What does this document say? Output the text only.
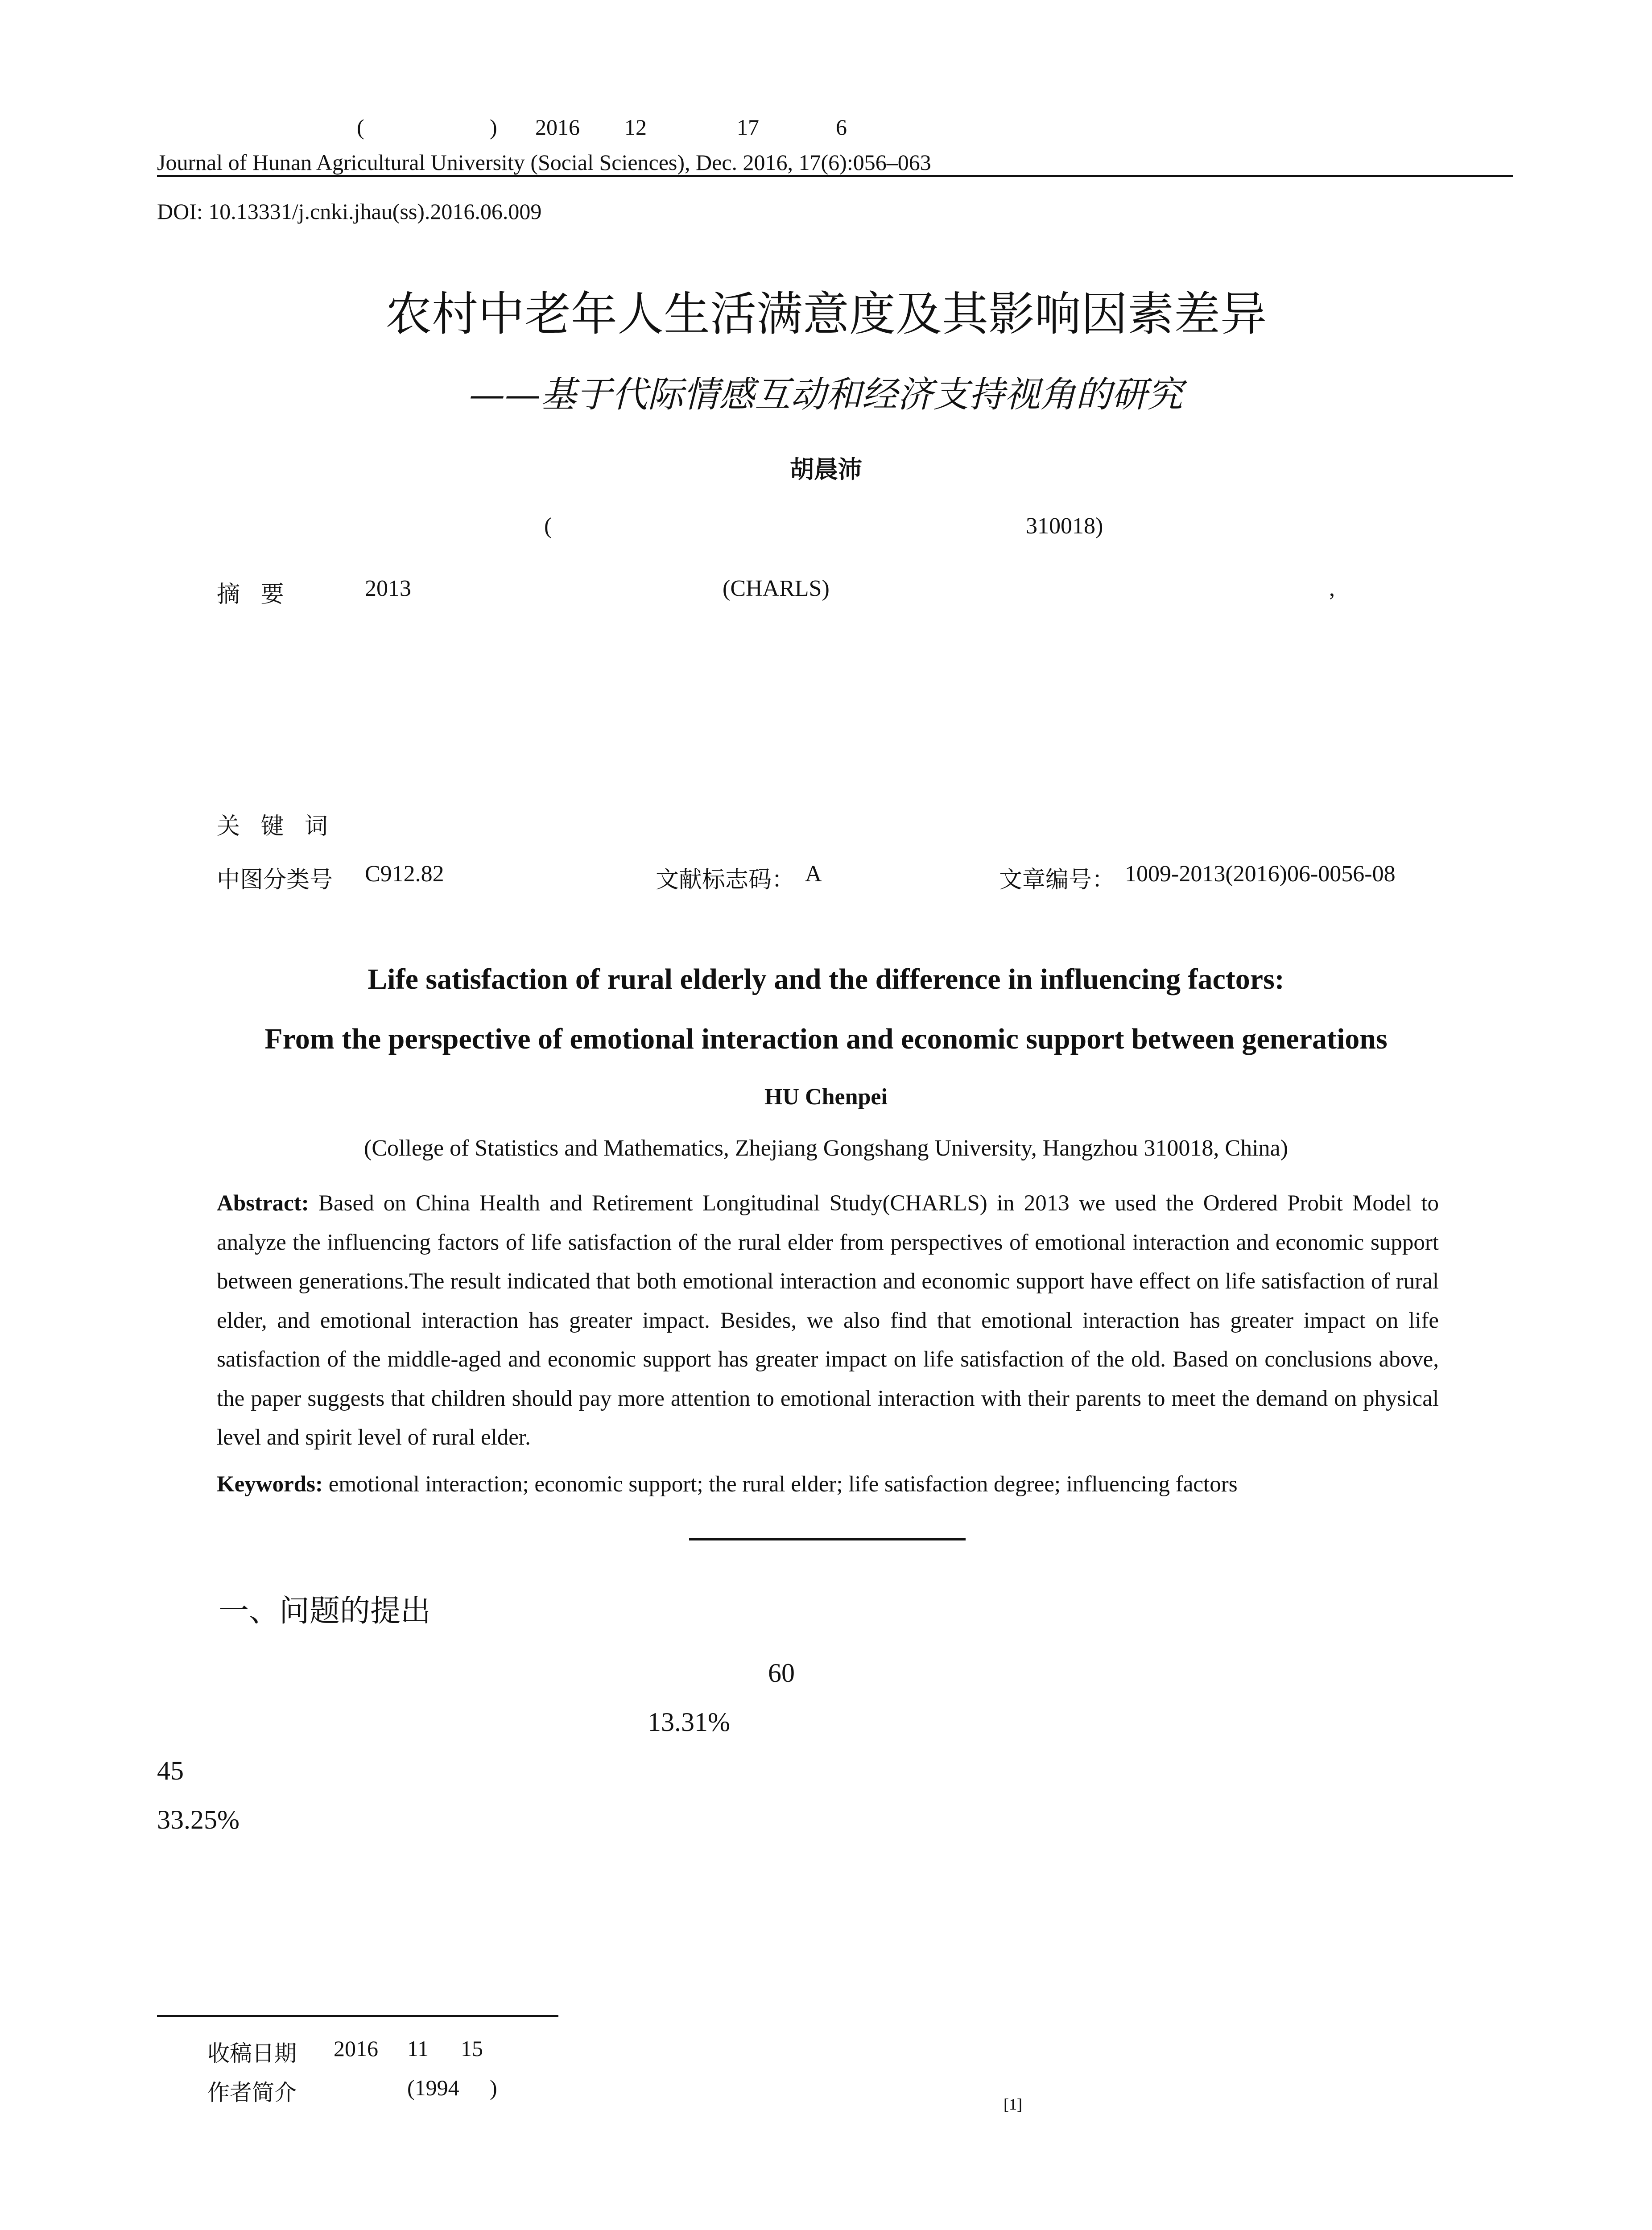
(	) 2016 12	17	6
Journal of Hunan Agricultural University (Social Sciences), Dec. 2016, 17(6):056–063
DOI: 10.13331/j.cnki.jhau(ss).2016.06.009
农村中老年人生活满意度及其影响因素差异
——基于代际情感互动和经济支持视角的研究
胡晨沛
(	310018)
摘 要	2013	(CHARLS)	,
关 键 词
中图分类号 C912.82	文献标志码： A	文章编号： 1009-2013(2016)06-0056-08
Life satisfaction of rural elderly and the difference in influencing factors:
From the perspective of emotional interaction and economic support between generations
HU Chenpei
(College of Statistics and Mathematics, Zhejiang Gongshang University, Hangzhou 310018, China)
Abstract: Based on China Health and Retirement Longitudinal Study(CHARLS) in 2013 we used the Ordered Probit Model to analyze the influencing factors of life satisfaction of the rural elder from perspectives of emotional interaction and economic support between generations.The result indicated that both emotional interaction and economic support have effect on life satisfaction of rural elder, and emotional interaction has greater impact. Besides, we also find that emotional interaction has greater impact on life satisfaction of the middle-aged and economic support has greater impact on life satisfaction of the old. Based on conclusions above, the paper suggests that children should pay more attention to emotional interaction with their parents to meet the demand on physical level and spirit level of rural elder.
Keywords: emotional interaction; economic support; the rural elder; life satisfaction degree; influencing factors
一、问题的提出
60
13.31%
45
33.25%
收稿日期 2016 11 15
作者简介	(1994 )
[1]
